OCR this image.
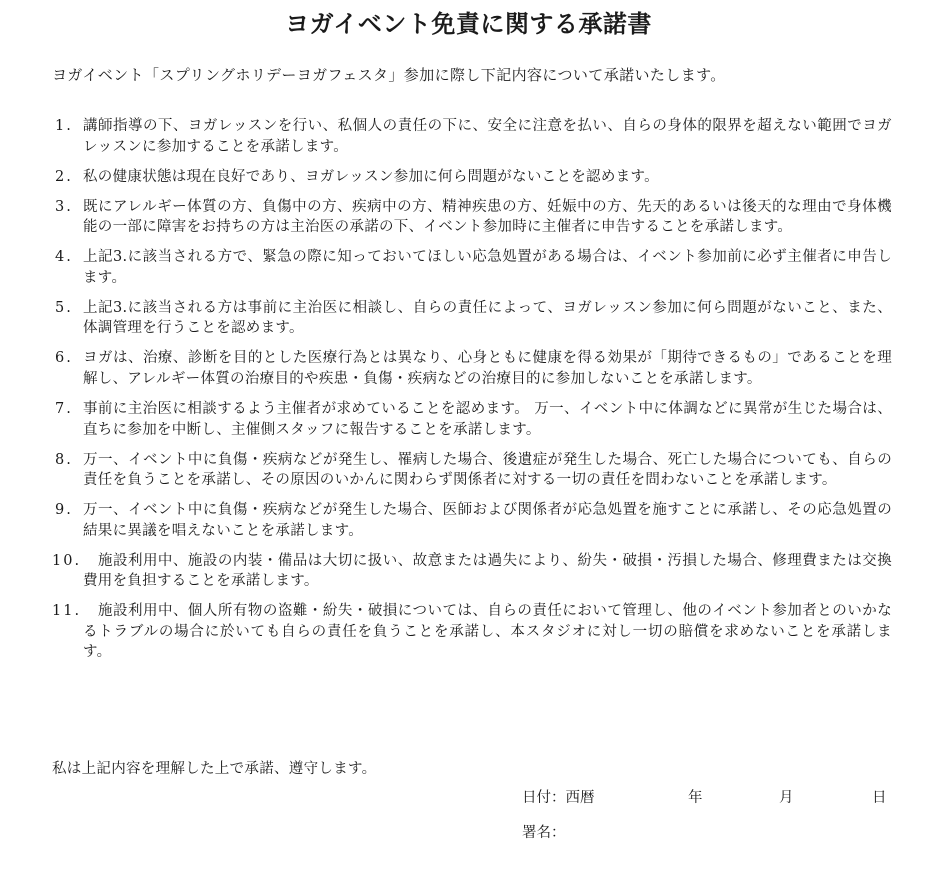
ヨガイベント免責に関する承諾書
ヨガイベント「スプリングホリデーヨガフェスタ」参加に際し下記内容について承諾いたします。
1. 講師指導の下、ヨガレッスンを行い、私個人の責任の下に、安全に注意を払い、自らの身体的限界を超えない範囲でヨガレッスンに参加することを承諾します。
2. 私の健康状態は現在良好であり、ヨガレッスン参加に何ら問題がないことを認めます。
3. 既にアレルギー体質の方、負傷中の方、疾病中の方、精神疾患の方、妊娠中の方、先天的あるいは後天的な理由で身体機能の一部に障害をお持ちの方は主治医の承諾の下、イベント参加時に主催者に申告することを承諾します。
4. 上記3.に該当される方で、緊急の際に知っておいてほしい応急処置がある場合は、イベント参加前に必ず主催者に申告します。
5. 上記3.に該当される方は事前に主治医に相談し、自らの責任によって、ヨガレッスン参加に何ら問題がないこと、また、体調管理を行うことを認めます。
6. ヨガは、治療、診断を目的とした医療行為とは異なり、心身ともに健康を得る効果が「期待できるもの」であることを理解し、アレルギー体質の治療目的や疾患・負傷・疾病などの治療目的に参加しないことを承諾します。
7. 事前に主治医に相談するよう主催者が求めていることを認めます。 万一、イベント中に体調などに異常が生じた場合は、直ちに参加を中断し、主催側スタッフに報告することを承諾します。
8. 万一、イベント中に負傷・疾病などが発生し、罹病した場合、後遺症が発生した場合、死亡した場合についても、自らの責任を負うことを承諾し、その原因のいかんに関わらず関係者に対する一切の責任を問わないことを承諾します。
9. 万一、イベント中に負傷・疾病などが発生した場合、医師および関係者が応急処置を施すことに承諾し、その応急処置の結果に異議を唱えないことを承諾します。
10. 　施設利用中、施設の内装・備品は大切に扱い、故意または過失により、紛失・破損・汚損した場合、修理費または交換費用を負担することを承諾します。
11. 　施設利用中、個人所有物の盗難・紛失・破損については、自らの責任において管理し、他のイベント参加者とのいかなるトラブルの場合に於いても自らの責任を負うことを承諾し、本スタジオに対し一切の賠償を求めないことを承諾します。
私は上記内容を理解した上で承諾、遵守します。
日付：西暦	年	月	日
署名：
